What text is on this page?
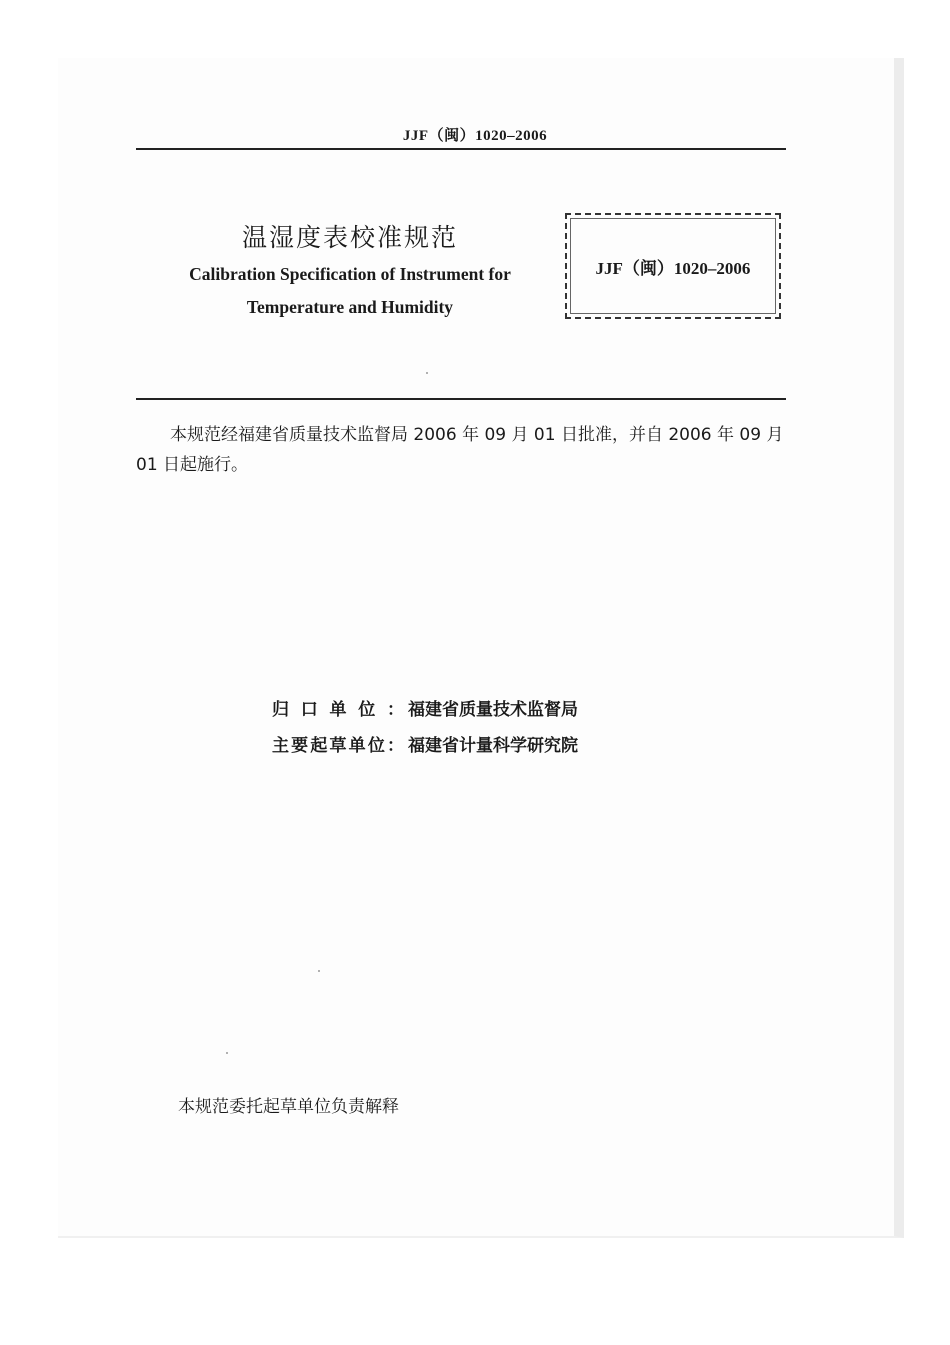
JJF（闽）1020–2006
温湿度表校准规范
Calibration Specification of Instrument for
Temperature and Humidity
JJF（闽）1020–2006
本规范经福建省质量技术监督局 2006 年 09 月 01 日批准，并自 2006 年 09 月 01 日起施行。
归口单位： 福建省质量技术监督局
主要起草单位： 福建省计量科学研究院
本规范委托起草单位负责解释
